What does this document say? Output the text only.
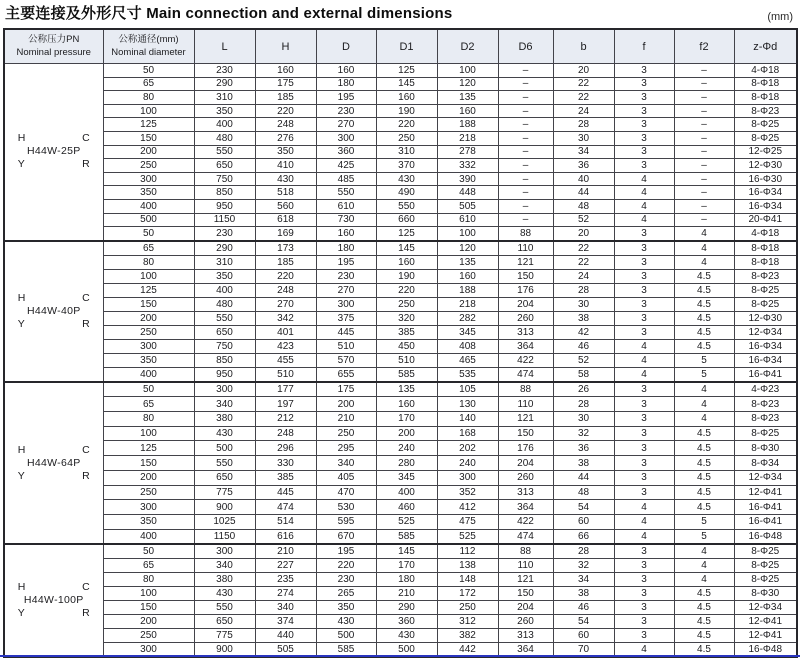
主要连接及外形尺寸 Main connection and external dimensions	(mm)
公称压力PN
Nominal pressure

公称通径(mm)
Nominal diameter	L	H	D	D1	D2	D6	b	f	f2	z-Φd

H C
H44W-25P
Y R	50	230	160	160	125	100	–	20	3	–	4-Φ18
	65	290	175	180	145	120	–	22	3	–	8-Φ18
	80	310	185	195	160	135	–	22	3	–	8-Φ18
	100	350	220	230	190	160	–	24	3	–	8-Φ23
	125	400	248	270	220	188	–	28	3	–	8-Φ25
	150	480	276	300	250	218	–	30	3	–	8-Φ25
	200	550	350	360	310	278	–	34	3	–	12-Φ25
	250	650	410	425	370	332	–	36	3	–	12-Φ30
	300	750	430	485	430	390	–	40	4	–	16-Φ30
	350	850	518	550	490	448	–	44	4	–	16-Φ34
	400	950	560	610	550	505	–	48	4	–	16-Φ34
	500	1150	618	730	660	610	–	52	4	–	20-Φ41
	50	230	169	160	125	100	88	20	3	4	4-Φ18

H C
H44W-40P
Y R	65	290	173	180	145	120	110	22	3	4	8-Φ18
	80	310	185	195	160	135	121	22	3	4	8-Φ18
	100	350	220	230	190	160	150	24	3	4.5	8-Φ23
	125	400	248	270	220	188	176	28	3	4.5	8-Φ25
	150	480	270	300	250	218	204	30	3	4.5	8-Φ25
	200	550	342	375	320	282	260	38	3	4.5	12-Φ30
	250	650	401	445	385	345	313	42	3	4.5	12-Φ34
	300	750	423	510	450	408	364	46	4	4.5	16-Φ34
	350	850	455	570	510	465	422	52	4	5	16-Φ34
	400	950	510	655	585	535	474	58	4	5	16-Φ41

H C
H44W-64P
Y R	50	300	177	175	135	105	88	26	3	4	4-Φ23
	65	340	197	200	160	130	110	28	3	4	8-Φ23
	80	380	212	210	170	140	121	30	3	4	8-Φ23
	100	430	248	250	200	168	150	32	3	4.5	8-Φ25
	125	500	296	295	240	202	176	36	3	4.5	8-Φ30
	150	550	330	340	280	240	204	38	3	4.5	8-Φ34
	200	650	385	405	345	300	260	44	3	4.5	12-Φ34
	250	775	445	470	400	352	313	48	3	4.5	12-Φ41
	300	900	474	530	460	412	364	54	4	4.5	16-Φ41
	350	1025	514	595	525	475	422	60	4	5	16-Φ41
	400	1150	616	670	585	525	474	66	4	5	16-Φ48

H C
H44W-100P
Y R	50	300	210	195	145	112	88	28	3	4	8-Φ25
	65	340	227	220	170	138	110	32	3	4	8-Φ25
	80	380	235	230	180	148	121	34	3	4	8-Φ25
	100	430	274	265	210	172	150	38	3	4.5	8-Φ30
	150	550	340	350	290	250	204	46	3	4.5	12-Φ34
	200	650	374	430	360	312	260	54	3	4.5	12-Φ41
	250	775	440	500	430	382	313	60	3	4.5	12-Φ41
	300	900	505	585	500	442	364	70	4	4.5	16-Φ48
